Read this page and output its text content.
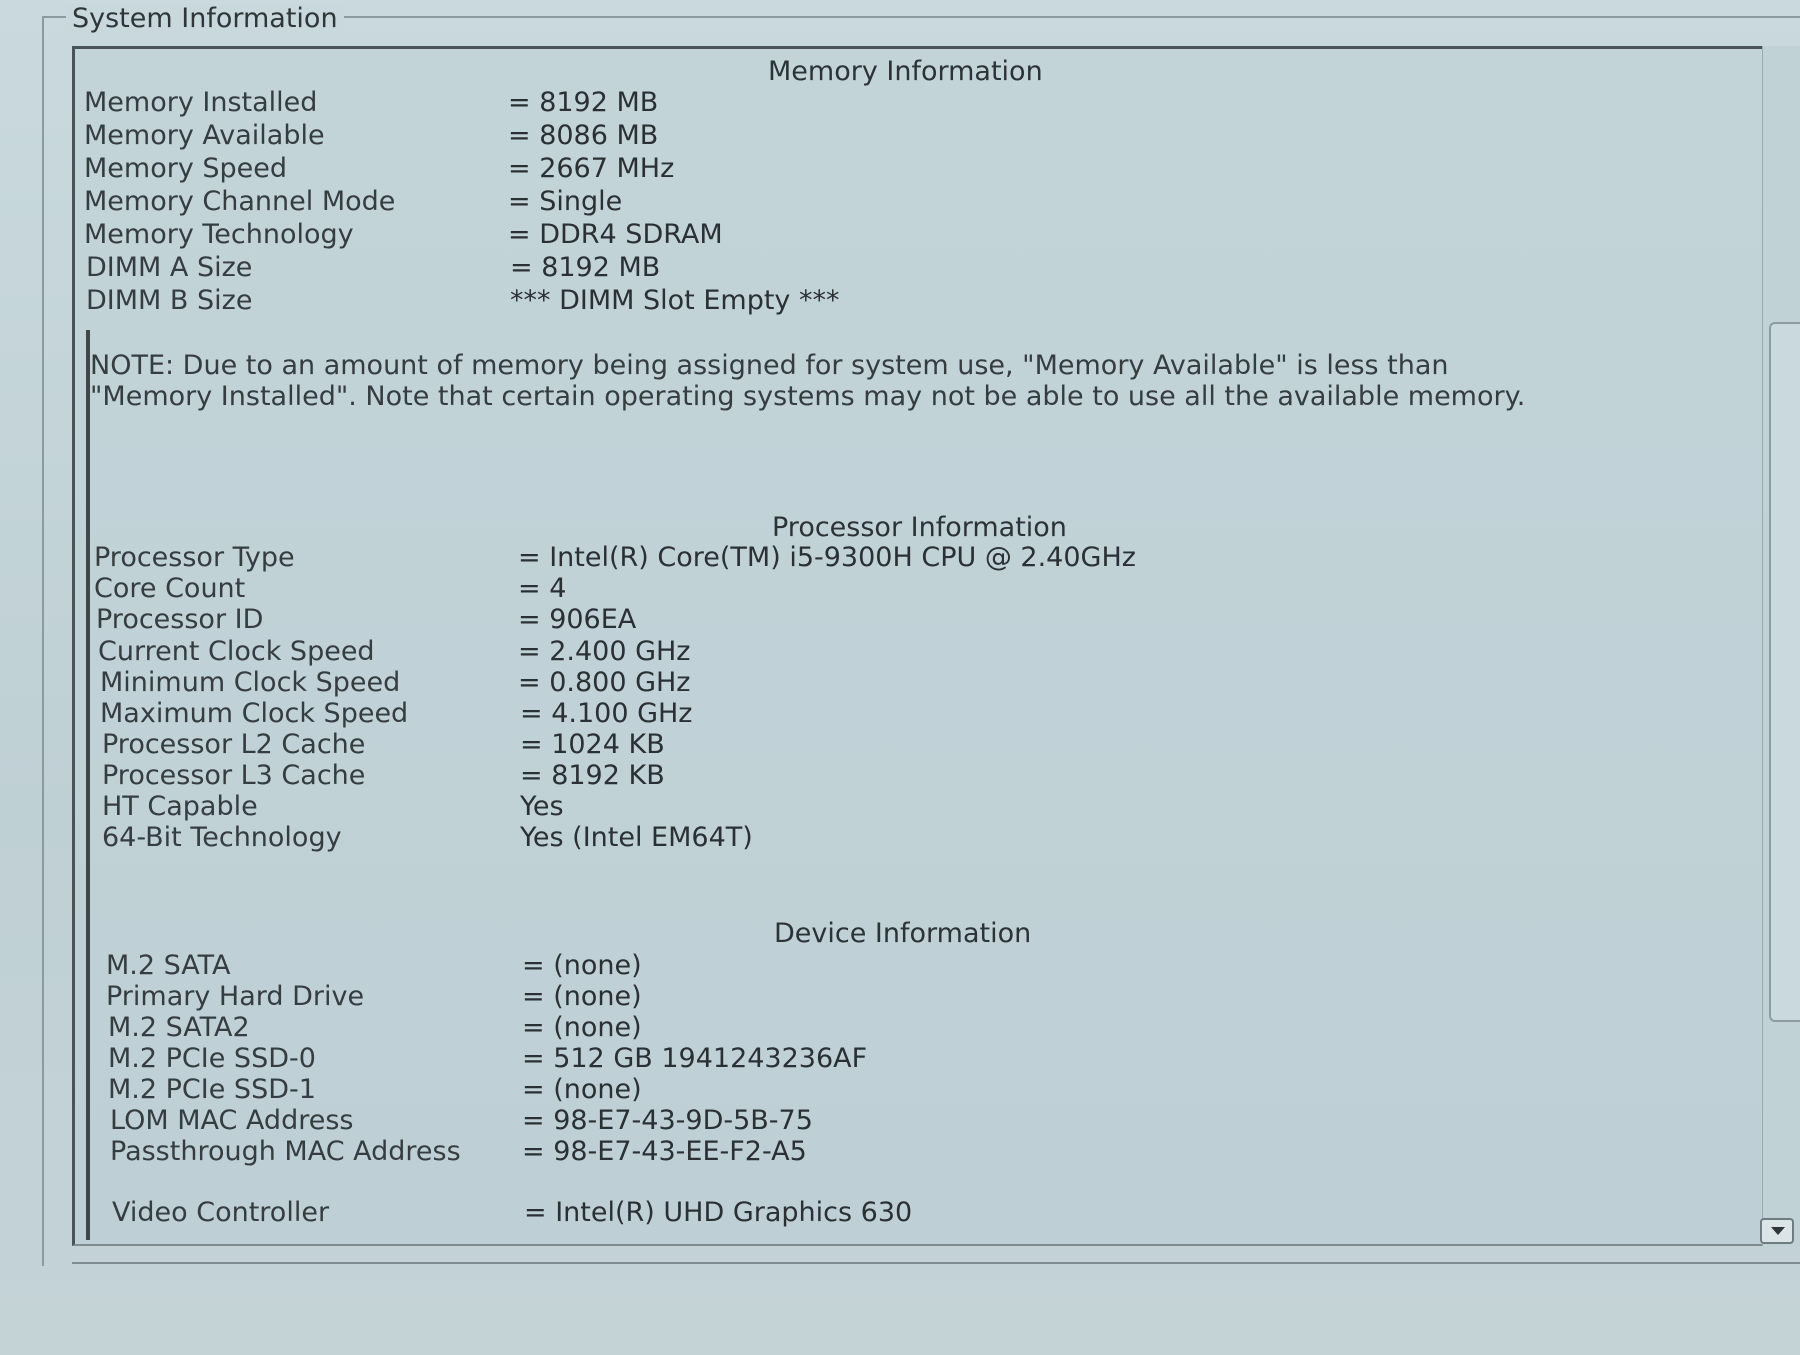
System Information
Memory Information
Memory Installed	= 8192 MB
Memory Available	= 8086 MB
Memory Speed	= 2667 MHz
Memory Channel Mode	= Single
Memory Technology	= DDR4 SDRAM
DIMM A Size	= 8192 MB
DIMM B Size	*** DIMM Slot Empty ***
NOTE: Due to an amount of memory being assigned for system use, "Memory Available" is less than "Memory Installed". Note that certain operating systems may not be able to use all the available memory.
Processor Information
Processor Type	= Intel(R) Core(TM) i5-9300H CPU @ 2.40GHz
Core Count	= 4
Processor ID	= 906EA
Current Clock Speed	= 2.400 GHz
Minimum Clock Speed	= 0.800 GHz
Maximum Clock Speed	= 4.100 GHz
Processor L2 Cache	= 1024 KB
Processor L3 Cache	= 8192 KB
HT Capable	Yes
64-Bit Technology	Yes (Intel EM64T)
Device Information
M.2 SATA	= (none)
Primary Hard Drive	= (none)
M.2 SATA2	= (none)
M.2 PCIe SSD-0	= 512 GB 1941243236AF
M.2 PCIe SSD-1	= (none)
LOM MAC Address	= 98-E7-43-9D-5B-75
Passthrough MAC Address = 98-E7-43-EE-F2-A5
Video Controller	= Intel(R) UHD Graphics 630
